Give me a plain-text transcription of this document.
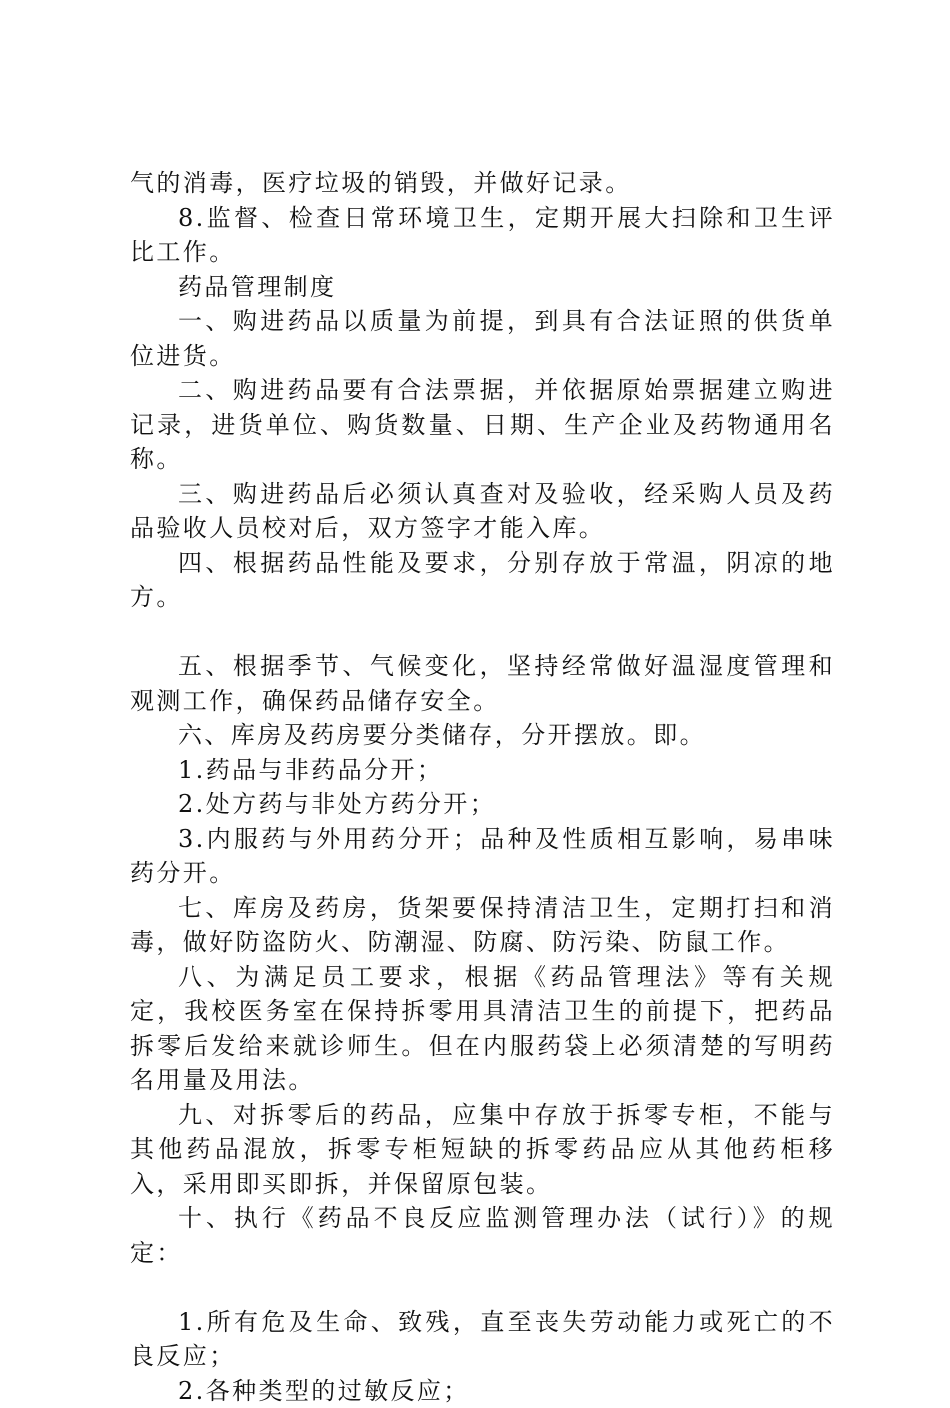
气的消毒，医疗垃圾的销毁，并做好记录。

8.监督、检查日常环境卫生，定期开展大扫除和卫生评比工作。

药品管理制度

一、购进药品以质量为前提，到具有合法证照的供货单位进货。

二、购进药品要有合法票据，并依据原始票据建立购进记录，进货单位、购货数量、日期、生产企业及药物通用名称。

三、购进药品后必须认真查对及验收，经采购人员及药品验收人员校对后，双方签字才能入库。

四、根据药品性能及要求，分别存放于常温，阴凉的地方。

五、根据季节、气候变化，坚持经常做好温湿度管理和观测工作，确保药品储存安全。

六、库房及药房要分类储存，分开摆放。即。

1.药品与非药品分开；

2.处方药与非处方药分开；

3.内服药与外用药分开；品种及性质相互影响，易串味药分开。

七、库房及药房，货架要保持清洁卫生，定期打扫和消毒，做好防盗防火、防潮湿、防腐、防污染、防鼠工作。

八、为满足员工要求，根据《药品管理法》等有关规定，我校医务室在保持拆零用具清洁卫生的前提下，把药品拆零后发给来就诊师生。但在内服药袋上必须清楚的写明药名用量及用法。

九、对拆零后的药品，应集中存放于拆零专柜，不能与其他药品混放，拆零专柜短缺的拆零药品应从其他药柜移入，采用即买即拆，并保留原包装。

十、执行《药品不良反应监测管理办法（试行）》的规定：

1.所有危及生命、致残，直至丧失劳动能力或死亡的不良反应；

2.各种类型的过敏反应；
